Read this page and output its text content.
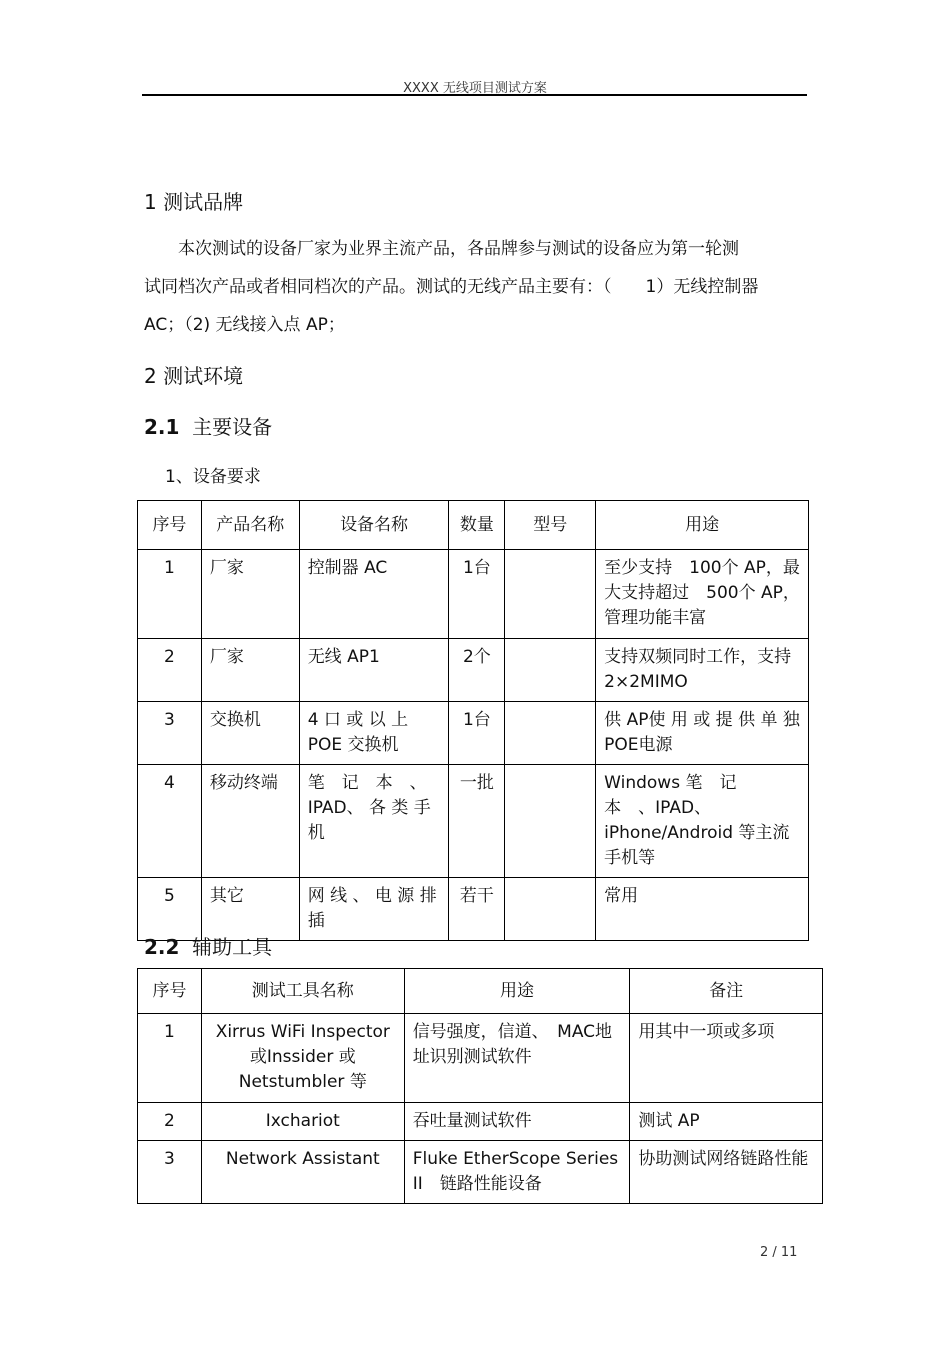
XXXX 无线项目测试方案
1 测试品牌

　　本次测试的设备厂家为业界主流产品，各品牌参与测试的设备应为第一轮测

试同档次产品或者相同档次的产品。测试的无线产品主要有：（　　1）无线控制器

AC；（2) 无线接入点 AP；

2 测试环境
2.1 主要设备
1、设备要求
序号	产品名称	设备名称	数量	型号	用途
1	厂家	控制器 AC	1台		至少支持　100个 AP，最大支持超过　500个 AP，管理功能丰富
2	厂家	无线 AP1	2个		支持双频同时工作，支持2×2MIMO
3	交换机	4 口 或 以 上 POE 交换机	1台		供 AP使 用 或 提 供 单 独 POE电源
4	移动终端	笔　记　本　、IPAD、 各 类 手 机	一批		Windows 笔　记　本　、IPAD、 iPhone/Android 等主流手机等
5	其它	网 线 、 电 源 排 插	若干		常用
2.2 辅助工具
序号	测试工具名称	用途	备注
1	Xirrus WiFi Inspector　或Inssider 或Netstumbler 等	信号强度，信道、　MAC地址识别测试软件	用其中一项或多项
2	Ixchariot	吞吐量测试软件	测试 AP
3	Network Assistant	Fluke EtherScope Series II　链路性能设备	协助测试网络链路性能
2 / 11
